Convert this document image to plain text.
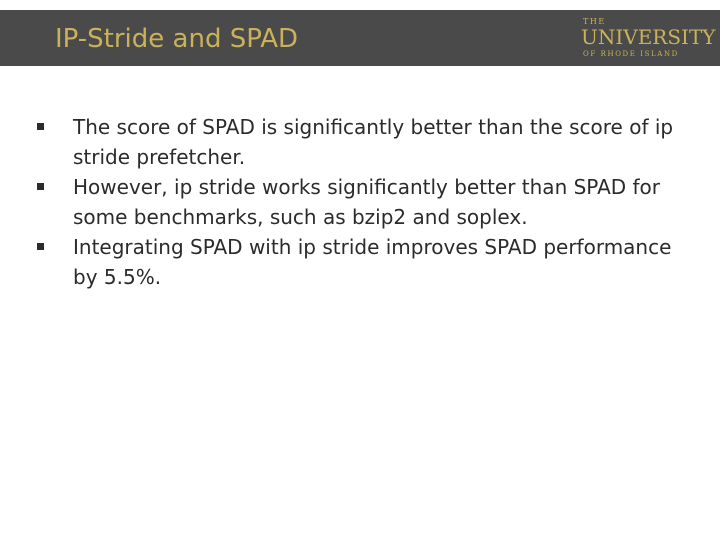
IP-Stride and SPAD
THE
UNIVERSITY
OF RHODE ISLAND
The score of SPAD is significantly better than the score of ip stride prefetcher.
However, ip stride works significantly better than SPAD for some benchmarks, such as bzip2 and soplex.
Integrating SPAD with ip stride improves SPAD performance by 5.5%.
